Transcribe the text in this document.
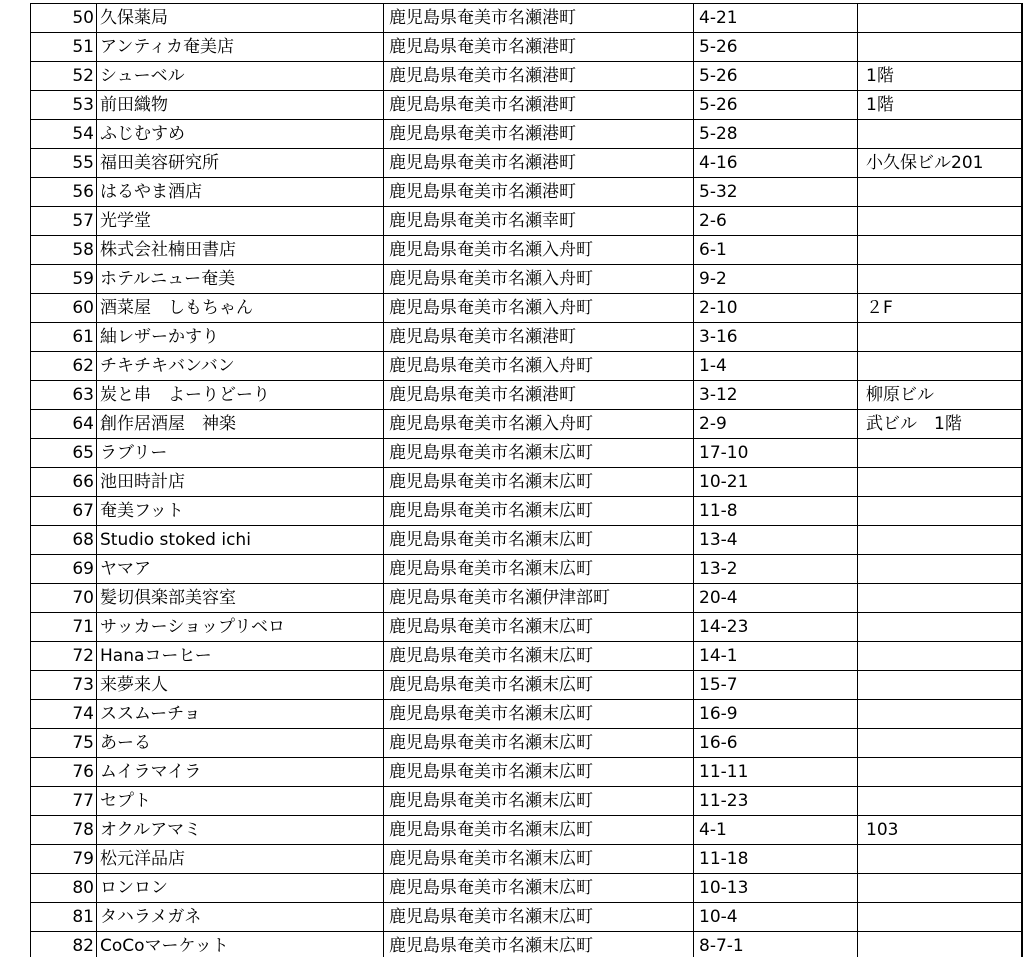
50	久保薬局	鹿児島県奄美市名瀬港町	4-21	
51	アンティカ奄美店	鹿児島県奄美市名瀬港町	5-26	
52	シューベル	鹿児島県奄美市名瀬港町	5-26	1階
53	前田織物	鹿児島県奄美市名瀬港町	5-26	1階
54	ふじむすめ	鹿児島県奄美市名瀬港町	5-28	
55	福田美容研究所	鹿児島県奄美市名瀬港町	4-16	小久保ビル201
56	はるやま酒店	鹿児島県奄美市名瀬港町	5-32	
57	光学堂	鹿児島県奄美市名瀬幸町	2-6	
58	株式会社楠田書店	鹿児島県奄美市名瀬入舟町	6-1	
59	ホテルニュー奄美	鹿児島県奄美市名瀬入舟町	9-2	
60	酒菜屋　しもちゃん	鹿児島県奄美市名瀬入舟町	2-10	２F
61	紬レザーかすり	鹿児島県奄美市名瀬港町	3-16	
62	チキチキバンバン	鹿児島県奄美市名瀬入舟町	1-4	
63	炭と串　よーりどーり	鹿児島県奄美市名瀬港町	3-12	柳原ビル
64	創作居酒屋　神楽	鹿児島県奄美市名瀬入舟町	2-9	武ビル　1階
65	ラブリー	鹿児島県奄美市名瀬末広町	17-10	
66	池田時計店	鹿児島県奄美市名瀬末広町	10-21	
67	奄美フット	鹿児島県奄美市名瀬末広町	11-8	
68	Studio stoked ichi	鹿児島県奄美市名瀬末広町	13-4	
69	ヤマア	鹿児島県奄美市名瀬末広町	13-2	
70	髪切倶楽部美容室	鹿児島県奄美市名瀬伊津部町	20-4	
71	サッカーショップリベロ	鹿児島県奄美市名瀬末広町	14-23	
72	Hanaコーヒー	鹿児島県奄美市名瀬末広町	14-1	
73	来夢来人	鹿児島県奄美市名瀬末広町	15-7	
74	ススムーチョ	鹿児島県奄美市名瀬末広町	16-9	
75	あーる	鹿児島県奄美市名瀬末広町	16-6	
76	ムイラマイラ	鹿児島県奄美市名瀬末広町	11-11	
77	セプト	鹿児島県奄美市名瀬末広町	11-23	
78	オクルアマミ	鹿児島県奄美市名瀬末広町	4-1	103
79	松元洋品店	鹿児島県奄美市名瀬末広町	11-18	
80	ロンロン	鹿児島県奄美市名瀬末広町	10-13	
81	タハラメガネ	鹿児島県奄美市名瀬末広町	10-4	
82	CoCoマーケット	鹿児島県奄美市名瀬末広町	8-7-1	
